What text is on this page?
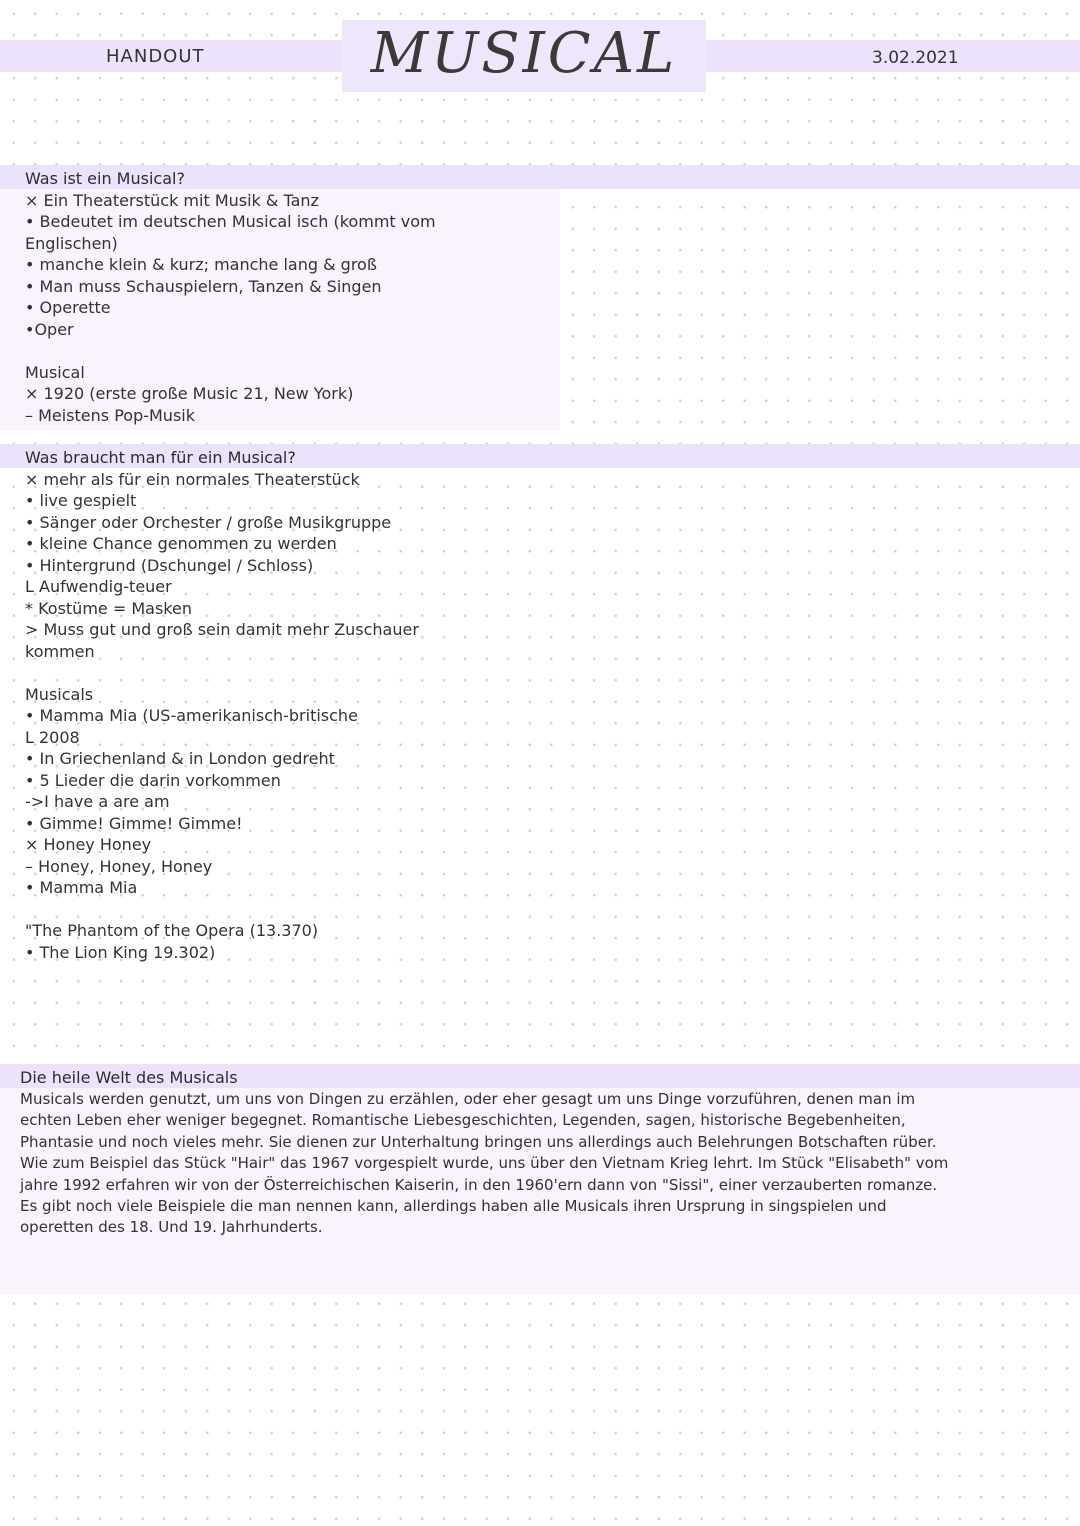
HANDOUT	MUSICAL	3.02.2021
Was ist ein Musical?
× Ein Theaterstück mit Musik & Tanz
• Bedeutet im deutschen Musical isch (kommt vom
Englischen)
• manche klein & kurz; manche lang & groß
• Man muss Schauspielern, Tanzen & Singen
• Operette
•Oper
Musical
× 1920 (erste große Music 21, New York)
– Meistens Pop-Musik
Was braucht man für ein Musical?
× mehr als für ein normales Theaterstück
• live gespielt
• Sänger oder Orchester / große Musikgruppe
• kleine Chance genommen zu werden
• Hintergrund (Dschungel / Schloss)
L Aufwendig-teuer
* Kostüme = Masken
> Muss gut und groß sein damit mehr Zuschauer
kommen
Musicals
• Mamma Mia (US-amerikanisch-britische
L 2008
• In Griechenland & in London gedreht
• 5 Lieder die darin vorkommen
->I have a are am
• Gimme! Gimme! Gimme!
× Honey Honey
– Honey, Honey, Honey
• Mamma Mia
"The Phantom of the Opera (13.370)
• The Lion King 19.302)
Die heile Welt des Musicals
Musicals werden genutzt, um uns von Dingen zu erzählen, oder eher gesagt um uns Dinge vorzuführen, denen man im echten Leben eher weniger begegnet. Romantische Liebesgeschichten, Legenden, sagen, historische Begebenheiten, Phantasie und noch vieles mehr. Sie dienen zur Unterhaltung bringen uns allerdings auch Belehrungen Botschaften rüber. Wie zum Beispiel das Stück "Hair" das 1967 vorgespielt wurde, uns über den Vietnam Krieg lehrt. Im Stück "Elisabeth" vom jahre 1992 erfahren wir von der Österreichischen Kaiserin, in den 1960'ern dann von "Sissi", einer verzauberten romanze. Es gibt noch viele Beispiele die man nennen kann, allerdings haben alle Musicals ihren Ursprung in singspielen und operetten des 18. Und 19. Jahrhunderts.
